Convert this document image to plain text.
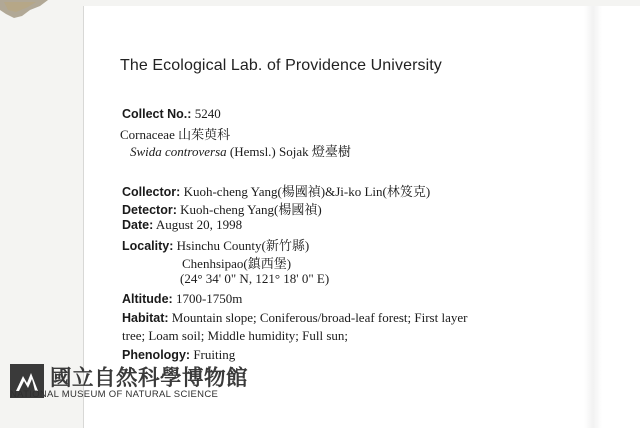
The Ecological Lab. of Providence University
Collect No.: 5240
Cornaceae 山茱萸科
Swida controversa (Hemsl.) Sojak 燈臺樹
Collector: Kuoh-cheng Yang(楊國禎)&Ji-ko Lin(林笈克)
Detector: Kuoh-cheng Yang(楊國禎)
Date: August 20, 1998
Locality: Hsinchu County(新竹縣)
Chenhsipao(鎮西堡)
(24° 34' 0" N, 121° 18' 0" E)
Altitude: 1700-1750m
Habitat: Mountain slope; Coniferous/broad-leaf forest; First layer
tree; Loam soil; Middle humidity; Full sun;
Phenology: Fruiting
國立自然科學博物館
NATIONAL MUSEUM OF NATURAL SCIENCE
